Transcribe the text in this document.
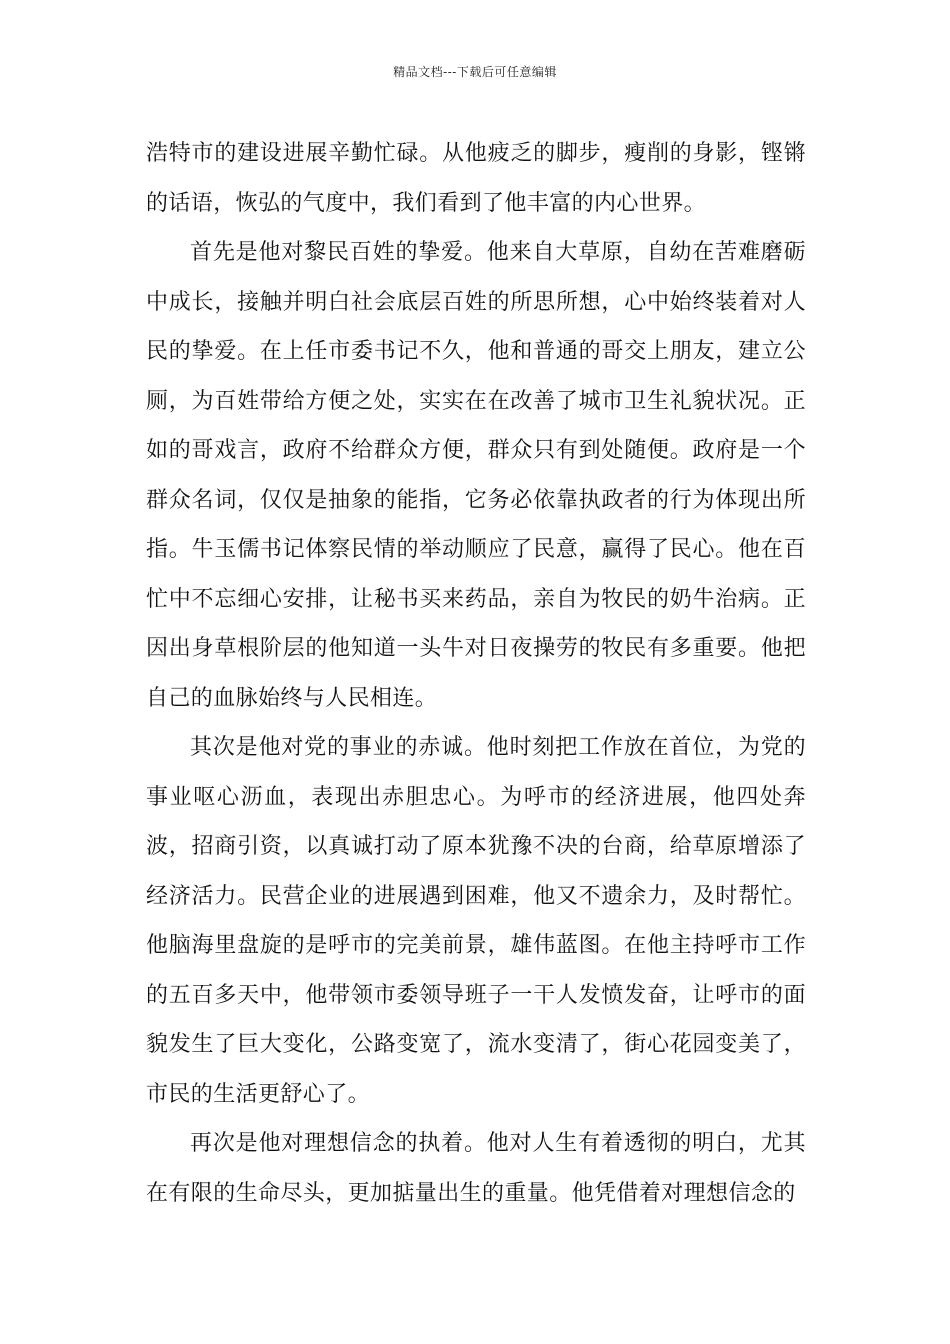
精品文档---下载后可任意编辑

浩特市的建设进展辛勤忙碌。从他疲乏的脚步，瘦削的身影，铿锵的话语，恢弘的气度中，我们看到了他丰富的内心世界。

首先是他对黎民百姓的挚爱。他来自大草原，自幼在苦难磨砺中成长，接触并明白社会底层百姓的所思所想，心中始终装着对人民的挚爱。在上任市委书记不久，他和普通的哥交上朋友，建立公厕，为百姓带给方便之处，实实在在改善了城市卫生礼貌状况。正如的哥戏言，政府不给群众方便，群众只有到处随便。政府是一个群众名词，仅仅是抽象的能指，它务必依靠执政者的行为体现出所指。牛玉儒书记体察民情的举动顺应了民意，赢得了民心。他在百忙中不忘细心安排，让秘书买来药品，亲自为牧民的奶牛治病。正因出身草根阶层的他知道一头牛对日夜操劳的牧民有多重要。他把自己的血脉始终与人民相连。

其次是他对党的事业的赤诚。他时刻把工作放在首位，为党的事业呕心沥血，表现出赤胆忠心。为呼市的经济进展，他四处奔波，招商引资，以真诚打动了原本犹豫不决的台商，给草原增添了经济活力。民营企业的进展遇到困难，他又不遗余力，及时帮忙。他脑海里盘旋的是呼市的完美前景，雄伟蓝图。在他主持呼市工作的五百多天中，他带领市委领导班子一干人发愤发奋，让呼市的面貌发生了巨大变化，公路变宽了，流水变清了，街心花园变美了，市民的生活更舒心了。

再次是他对理想信念的执着。他对人生有着透彻的明白，尤其在有限的生命尽头，更加掂量出生的重量。他凭借着对理想信念的
